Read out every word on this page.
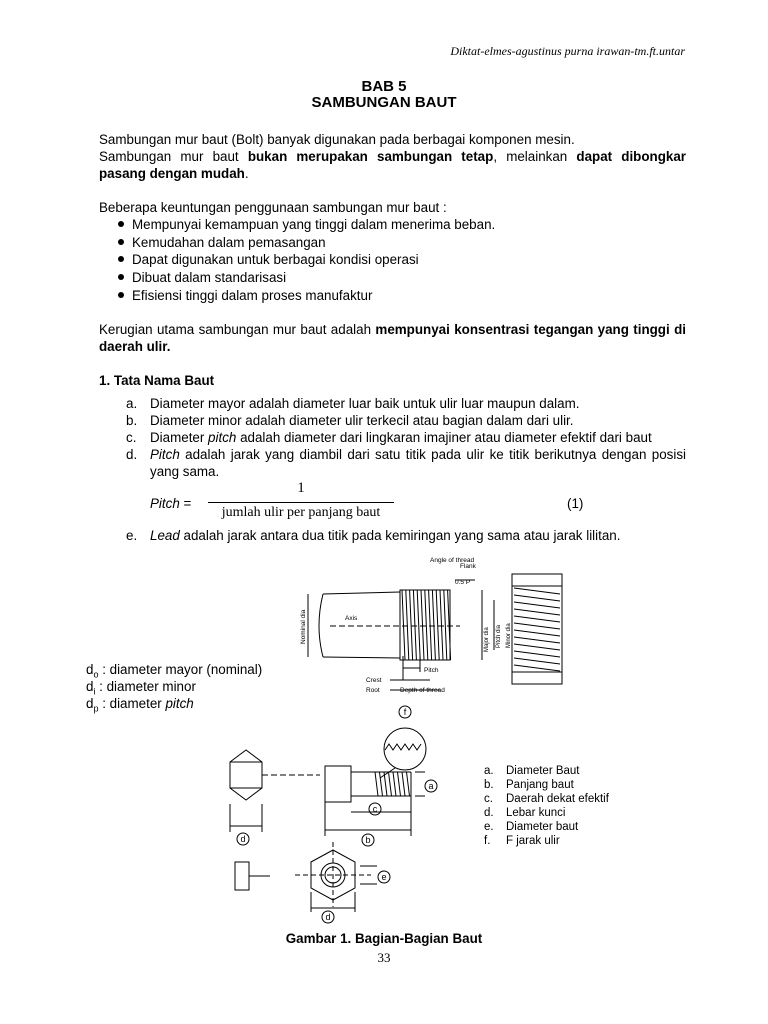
Diktat-elmes-agustinus purna irawan-tm.ft.untar
BAB 5
SAMBUNGAN BAUT
Sambungan mur baut (Bolt) banyak digunakan pada berbagai komponen mesin.
Sambungan mur baut bukan merupakan sambungan tetap, melainkan dapat dibongkar pasang dengan mudah.
Beberapa keuntungan penggunaan sambungan mur baut :
Mempunyai kemampuan yang tinggi dalam menerima beban.
Kemudahan dalam pemasangan
Dapat digunakan untuk berbagai kondisi operasi
Dibuat dalam standarisasi
Efisiensi tinggi dalam proses manufaktur
Kerugian utama sambungan mur baut adalah mempunyai konsentrasi tegangan yang tinggi di daerah ulir.
1. Tata Nama Baut
a. Diameter mayor adalah diameter luar baik untuk ulir luar maupun dalam.
b. Diameter minor adalah diameter ulir terkecil atau bagian dalam dari ulir.
c. Diameter pitch adalah diameter dari lingkaran imajiner atau diameter efektif dari baut
d. Pitch adalah jarak yang diambil dari satu titik pada ulir ke titik berikutnya dengan posisi yang sama.
Pitch =
1
jumlah ulir per panjang baut
(1)
e. Lead adalah jarak antara dua titik pada kemiringan yang sama atau jarak lilitan.
Angle of thread
Flank
0.5 P
Axis
Nominal dia	Major dia Pitch dia Minor dia
Pitch
Crest
Root	Depth of thread
$d_o$ : diameter mayor (nominal)
$d_i$ : diameter minor
$d_p$ : diameter pitch
f
a
c
b
d
e
d
a. Diameter Baut
b. Panjang baut
c. Daerah dekat efektif
d. Lebar kunci
e. Diameter baut
f. F jarak ulir
Gambar 1. Bagian-Bagian Baut
33
